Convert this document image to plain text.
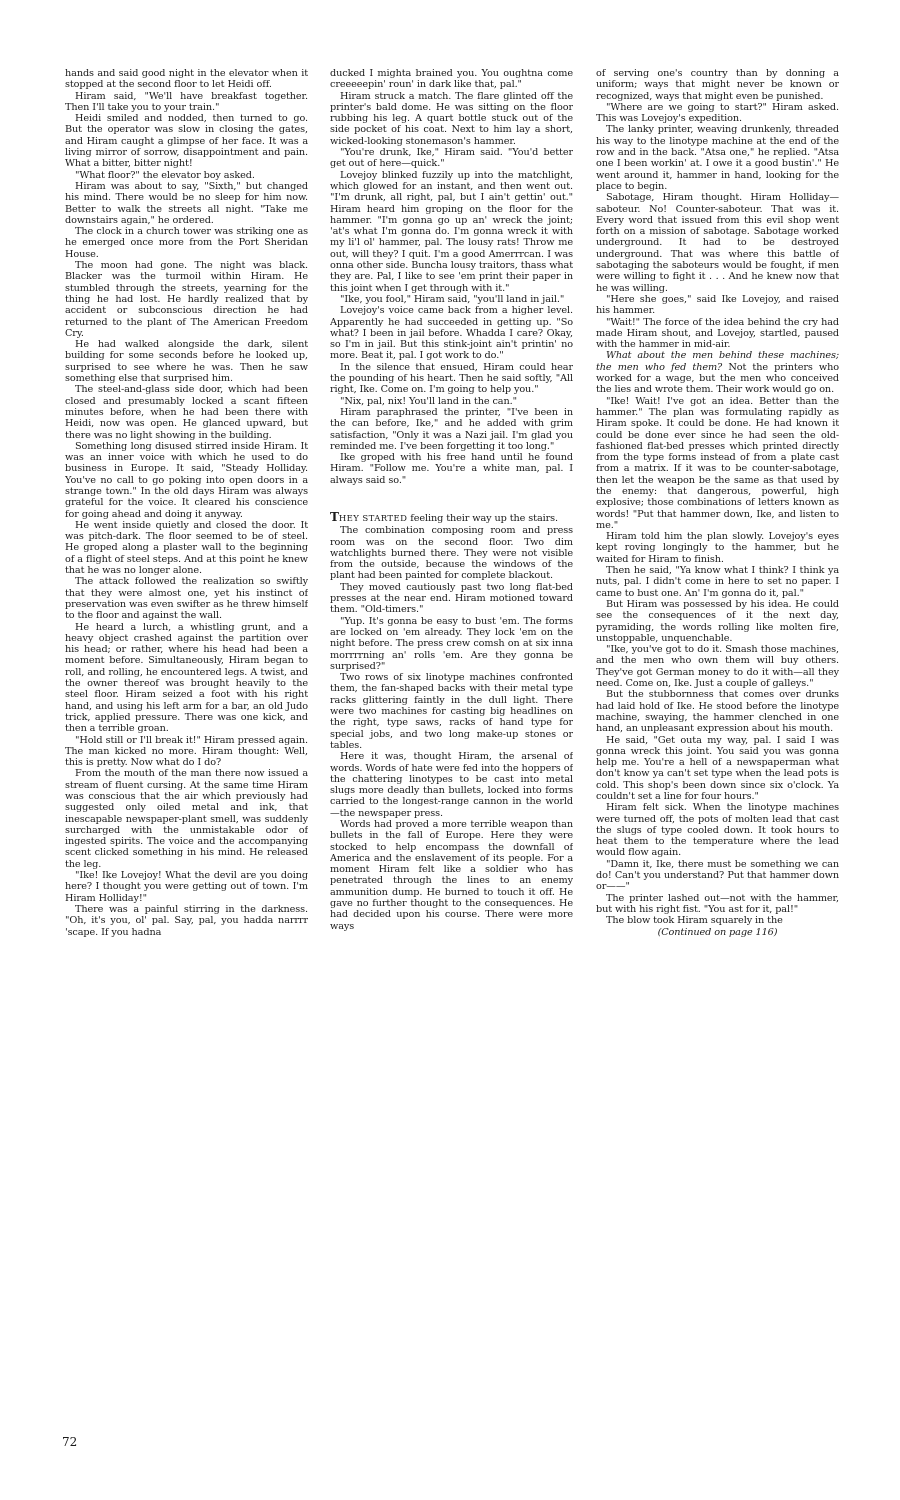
hands and said good night in the elevator when it stopped at the second floor to let Heidi off.

Hiram said, "We'll have breakfast together. Then I'll take you to your train."

Heidi smiled and nodded, then turned to go. But the operator was slow in closing the gates, and Hiram caught a glimpse of her face. It was a living mirror of sorrow, disappointment and pain. What a bitter, bitter night!

"What floor?" the elevator boy asked.

Hiram was about to say, "Sixth," but changed his mind. There would be no sleep for him now. Better to walk the streets all night. "Take me downstairs again," he ordered.

The clock in a church tower was striking one as he emerged once more from the Port Sheridan House.

The moon had gone. The night was black. Blacker was the turmoil within Hiram. He stumbled through the streets, yearning for the thing he had lost. He hardly realized that by accident or subconscious direction he had returned to the plant of The American Freedom Cry.

He had walked alongside the dark, silent building for some seconds before he looked up, surprised to see where he was. Then he saw something else that surprised him.

The steel-and-glass side door, which had been closed and presumably locked a scant fifteen minutes before, when he had been there with Heidi, now was open. He glanced upward, but there was no light showing in the building.

Something long disused stirred inside Hiram. It was an inner voice with which he used to do business in Europe. It said, "Steady Holliday. You've no call to go poking into open doors in a strange town." In the old days Hiram was always grateful for the voice. It cleared his conscience for going ahead and doing it anyway.

He went inside quietly and closed the door. It was pitch-dark. The floor seemed to be of steel. He groped along a plaster wall to the beginning of a flight of steel steps. And at this point he knew that he was no longer alone.

The attack followed the realization so swiftly that they were almost one, yet his instinct of preservation was even swifter as he threw himself to the floor and against the wall.

He heard a lurch, a whistling grunt, and a heavy object crashed against the partition over his head; or rather, where his head had been a moment before. Simultaneously, Hiram began to roll, and rolling, he encountered legs. A twist, and the owner thereof was brought heavily to the steel floor. Hiram seized a foot with his right hand, and using his left arm for a bar, an old Judo trick, applied pressure. There was one kick, and then a terrible groan.

"Hold still or I'll break it!" Hiram pressed again. The man kicked no more. Hiram thought: Well, this is pretty. Now what do I do?

From the mouth of the man there now issued a stream of fluent cursing. At the same time Hiram was conscious that the air which previously had suggested only oiled metal and ink, that inescapable newspaper-plant smell, was suddenly surcharged with the unmistakable odor of ingested spirits. The voice and the accompanying scent clicked something in his mind. He released the leg.

"Ike! Ike Lovejoy! What the devil are you doing here? I thought you were getting out of town. I'm Hiram Holliday!"

There was a painful stirring in the darkness. "Oh, it's you, ol' pal. Say, pal, you hadda narrrr 'scape. If you hadna

ducked I mighta brained you. You oughtna come creeeeepin' roun' in dark like that, pal."

Hiram struck a match. The flare glinted off the printer's bald dome. He was sitting on the floor rubbing his leg. A quart bottle stuck out of the side pocket of his coat. Next to him lay a short, wicked-looking stonemason's hammer.

"You're drunk, Ike," Hiram said. "You'd better get out of here—quick."

Lovejoy blinked fuzzily up into the matchlight, which glowed for an instant, and then went out. "I'm drunk, all right, pal, but I ain't gettin' out." Hiram heard him groping on the floor for the hammer. "I'm gonna go up an' wreck the joint; 'at's what I'm gonna do. I'm gonna wreck it with my li'l ol' hammer, pal. The lousy rats! Throw me out, will they? I quit. I'm a good Amerrrcan. I was onna other side. Buncha lousy traitors, thass what they are. Pal, I like to see 'em print their paper in this joint when I get through with it."

"Ike, you fool," Hiram said, "you'll land in jail."

Lovejoy's voice came back from a higher level. Apparently he had succeeded in getting up. "So what? I been in jail before. Whadda I care? Okay, so I'm in jail. But this stink-joint ain't printin' no more. Beat it, pal. I got work to do."

In the silence that ensued, Hiram could hear the pounding of his heart. Then he said softly, "All right, Ike. Come on. I'm going to help you."

"Nix, pal, nix! You'll land in the can."

Hiram paraphrased the printer, "I've been in the can before, Ike," and he added with grim satisfaction, "Only it was a Nazi jail. I'm glad you reminded me. I've been forgetting it too long."

Ike groped with his free hand until he found Hiram. "Follow me. You're a white man, pal. I always said so."

THEY STARTED feeling their way up the stairs.

The combination composing room and press room was on the second floor. Two dim watchlights burned there. They were not visible from the outside, because the windows of the plant had been painted for complete blackout.

They moved cautiously past two long flat-bed presses at the near end. Hiram motioned toward them. "Old-timers."

"Yup. It's gonna be easy to bust 'em. The forms are locked on 'em already. They lock 'em on the night before. The press crew comsh on at six inna morrrrning an' rolls 'em. Are they gonna be surprised?"

Two rows of six linotype machines confronted them, the fan-shaped backs with their metal type racks glittering faintly in the dull light. There were two machines for casting big headlines on the right, type saws, racks of hand type for special jobs, and two long make-up stones or tables.

Here it was, thought Hiram, the arsenal of words. Words of hate were fed into the hoppers of the chattering linotypes to be cast into metal slugs more deadly than bullets, locked into forms carried to the longest-range cannon in the world—the newspaper press.

Words had proved a more terrible weapon than bullets in the fall of Europe. Here they were stocked to help encompass the downfall of America and the enslavement of its people. For a moment Hiram felt like a soldier who has penetrated through the lines to an enemy ammunition dump. He burned to touch it off. He gave no further thought to the consequences. He had decided upon his course. There were more ways

of serving one's country than by donning a uniform; ways that might never be known or recognized, ways that might even be punished.

"Where are we going to start?" Hiram asked. This was Lovejoy's expedition.

The lanky printer, weaving drunkenly, threaded his way to the linotype machine at the end of the row and in the back. "Atsa one," he replied. "Atsa one I been workin' at. I owe it a good bustin'." He went around it, hammer in hand, looking for the place to begin.

Sabotage, Hiram thought. Hiram Holliday—saboteur. No! Counter-saboteur. That was it. Every word that issued from this evil shop went forth on a mission of sabotage. Sabotage worked underground. It had to be destroyed underground. That was where this battle of sabotaging the saboteurs would be fought, if men were willing to fight it . . . And he knew now that he was willing.

"Here she goes," said Ike Lovejoy, and raised his hammer.

"Wait!" The force of the idea behind the cry had made Hiram shout, and Lovejoy, startled, paused with the hammer in mid-air.

What about the men behind these machines; the men who fed them? Not the printers who worked for a wage, but the men who conceived the lies and wrote them. Their work would go on.

"Ike! Wait! I've got an idea. Better than the hammer." The plan was formulating rapidly as Hiram spoke. It could be done. He had known it could be done ever since he had seen the old-fashioned flat-bed presses which printed directly from the type forms instead of from a plate cast from a matrix. If it was to be counter-sabotage, then let the weapon be the same as that used by the enemy: that dangerous, powerful, high explosive; those combinations of letters known as words! "Put that hammer down, Ike, and listen to me."

Hiram told him the plan slowly. Lovejoy's eyes kept roving longingly to the hammer, but he waited for Hiram to finish.

Then he said, "Ya know what I think? I think ya nuts, pal. I didn't come in here to set no paper. I came to bust one. An' I'm gonna do it, pal."

But Hiram was possessed by his idea. He could see the consequences of it the next day, pyramiding, the words rolling like molten fire, unstoppable, unquenchable.

"Ike, you've got to do it. Smash those machines, and the men who own them will buy others. They've got German money to do it with—all they need. Come on, Ike. Just a couple of galleys."

But the stubbornness that comes over drunks had laid hold of Ike. He stood before the linotype machine, swaying, the hammer clenched in one hand, an unpleasant expression about his mouth.

He said, "Get outa my way, pal. I said I was gonna wreck this joint. You said you was gonna help me. You're a hell of a newspaperman what don't know ya can't set type when the lead pots is cold. This shop's been down since six o'clock. Ya couldn't set a line for four hours."

Hiram felt sick. When the linotype machines were turned off, the pots of molten lead that cast the slugs of type cooled down. It took hours to heat them to the temperature where the lead would flow again.

"Damn it, Ike, there must be something we can do! Can't you understand? Put that hammer down or——"

The printer lashed out—not with the hammer, but with his right fist. "You ast for it, pal!"

The blow took Hiram squarely in the

(Continued on page 116)

72
